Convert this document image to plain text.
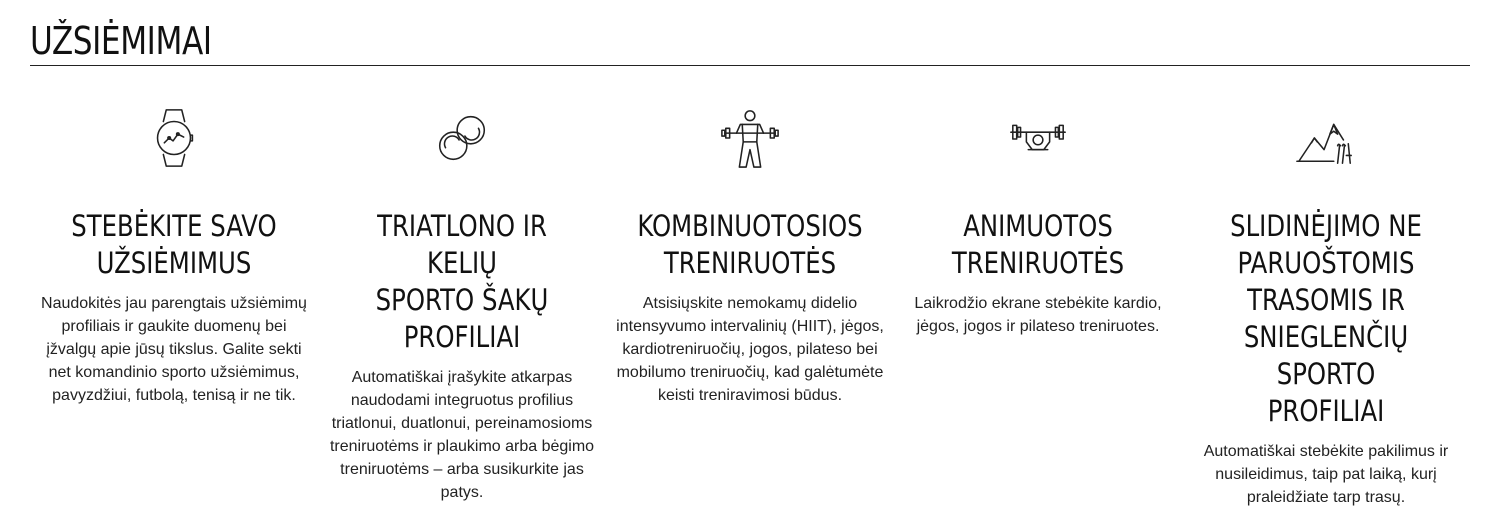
UŽSIĖMIMAI
STEBĖKITE SAVO
UŽSIĖMIMUS

Naudokitės jau parengtais užsiėmimų profiliais ir gaukite duomenų bei įžvalgų apie jūsų tikslus. Galite sekti net komandinio sporto užsiėmimus, pavyzdžiui, futbolą, tenisą ir ne tik.

TRIATLONO IR KELIŲ
SPORTO ŠAKŲ
PROFILIAI

Automatiškai įrašykite atkarpas naudodami integruotus profilius triatlonui, duatlonui, pereinamosioms treniruotėms ir plaukimo arba bėgimo treniruotėms – arba susikurkite jas patys.

KOMBINUOTOSIOS
TRENIRUOTĖS

Atsisiųskite nemokamų didelio intensyvumo intervalinių (HIIT), jėgos, kardiotreniruočių, jogos, pilateso bei mobilumo treniruočių, kad galėtumėte keisti treniravimosi būdus.

ANIMUOTOS
TRENIRUOTĖS

Laikrodžio ekrane stebėkite kardio, jėgos, jogos ir pilateso treniruotes.

SLIDINĖJIMO NE
PARUOŠTOMIS
TRASOMIS IR
SNIEGLENČIŲ SPORTO
PROFILIAI

Automatiškai stebėkite pakilimus ir nusileidimus, taip pat laiką, kurį praleidžiate tarp trasų.
